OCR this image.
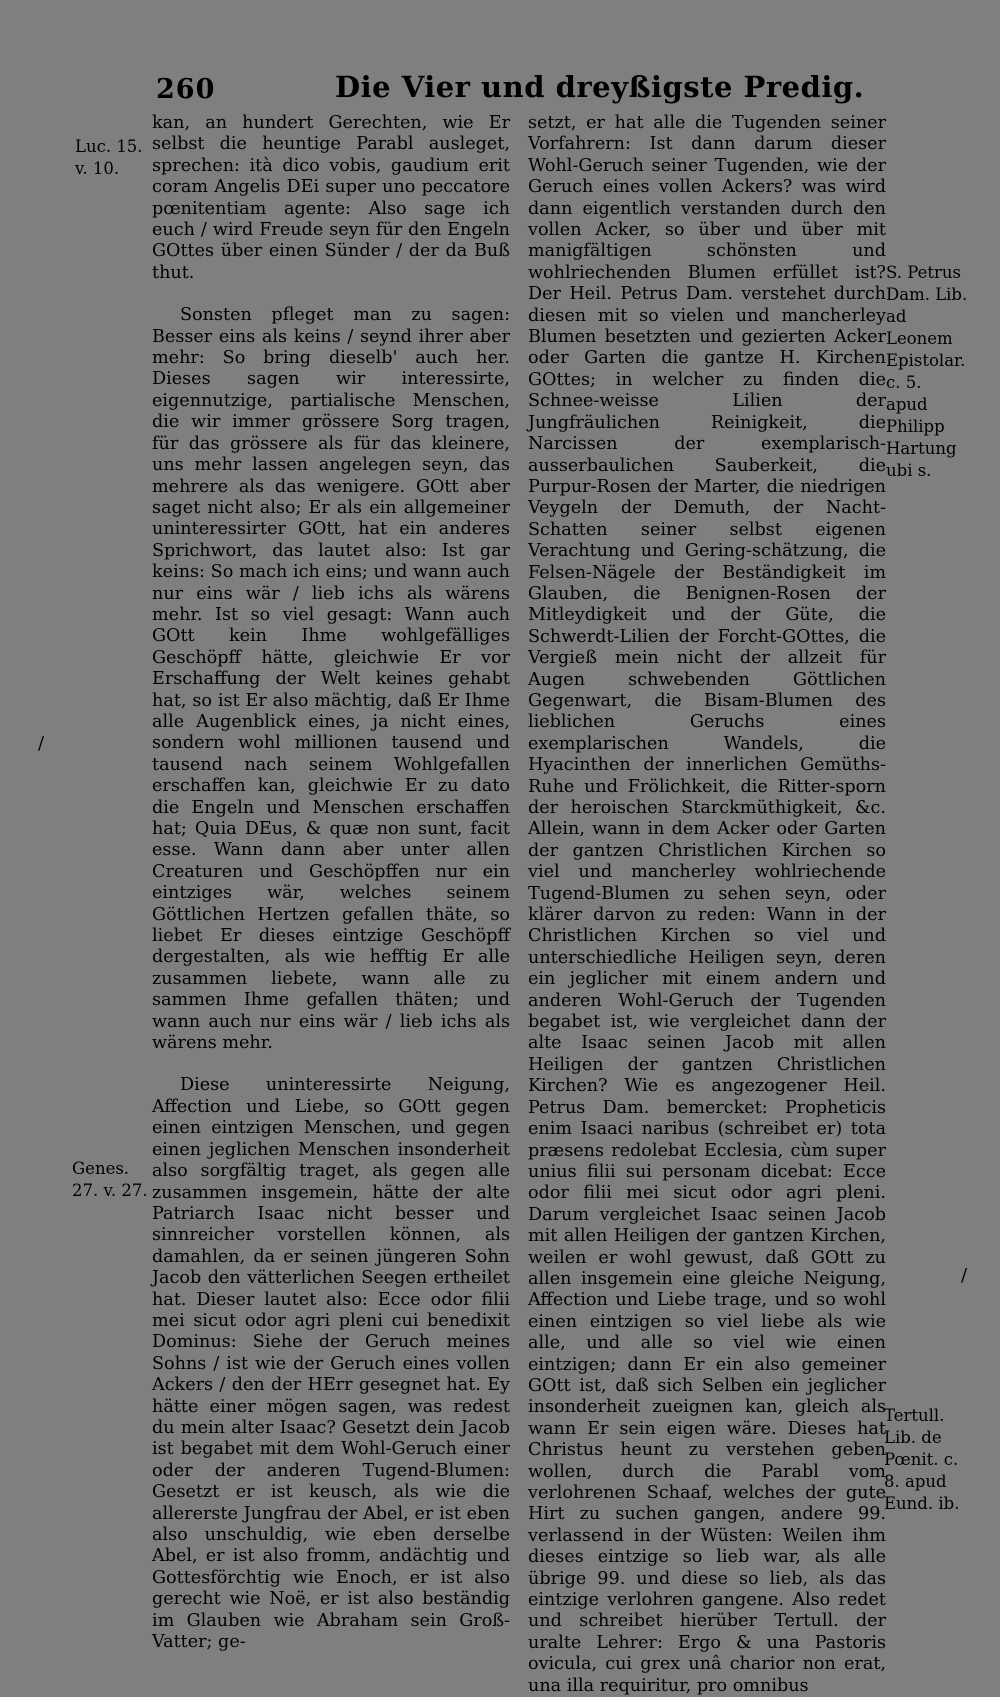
260	Die Vier und dreyßigste Predig.
Luc. 15. v. 10.
Genes. 27. v. 27.
S. Petrus Dam. Lib. ad Leonem Epistolar. c. 5. apud Philipp Hartung ubi s.
Tertull. Lib. de Pœnit. c. 8. apud Eund. ib.

kan, an hundert Gerechten, wie Er selbst die heuntige Parabl ausleget, sprechen: ità dico vobis, gaudium erit coram Angelis DEi super uno peccatore pœnitentiam agente: Also sage ich euch / wird Freude seyn für den Engeln GOttes über einen Sünder / der da Buß thut.

Sonsten pfleget man zu sagen: Besser eins als keins / seynd ihrer aber mehr: So bring dieselb' auch her. Dieses sagen wir interessirte, eigennutzige, partialische Menschen, die wir immer grössere Sorg tragen, für das grössere als für das kleinere, uns mehr lassen angelegen seyn, das mehrere als das wenigere. GOtt aber saget nicht also; Er als ein allgemeiner uninteressirter GOtt, hat ein anderes Sprichwort, das lautet also: Ist gar keins: So mach ich eins; und wann auch nur eins wär / lieb ichs als wärens mehr. Ist so viel gesagt: Wann auch GOtt kein Ihme wohlgefälliges Geschöpff hätte, gleichwie Er vor Erschaffung der Welt keines gehabt hat, so ist Er also mächtig, daß Er Ihme alle Augenblick eines, ja nicht eines, sondern wohl millionen tausend und tausend nach seinem Wohlgefallen erschaffen kan, gleichwie Er zu dato die Engeln und Menschen erschaffen hat; Quia DEus, & quæ non sunt, facit esse. Wann dann aber unter allen Creaturen und Geschöpffen nur ein eintziges wär, welches seinem Göttlichen Hertzen gefallen thäte, so liebet Er dieses eintzige Geschöpff dergestalten, als wie hefftig Er alle zusammen liebete, wann alle zu sammen Ihme gefallen thäten; und wann auch nur eins wär / lieb ichs als wärens mehr.

Diese uninteressirte Neigung, Affection und Liebe, so GOtt gegen einen eintzigen Menschen, und gegen einen jeglichen Menschen insonderheit also sorgfältig traget, als gegen alle zusammen insgemein, hätte der alte Patriarch Isaac nicht besser und sinnreicher vorstellen können, als damahlen, da er seinen jüngeren Sohn Jacob den vätterlichen Seegen ertheilet hat. Dieser lautet also: Ecce odor filii mei sicut odor agri pleni cui benedixit Dominus: Siehe der Geruch meines Sohns / ist wie der Geruch eines vollen Ackers / den der HErr gesegnet hat. Ey hätte einer mögen sagen, was redest du mein alter Isaac? Gesetzt dein Jacob ist begabet mit dem Wohl-Geruch einer oder der anderen Tugend-Blumen: Gesetzt er ist keusch, als wie die allererste Jungfrau der Abel, er ist eben also unschuldig, wie eben derselbe Abel, er ist also fromm, andächtig und Gottesförchtig wie Enoch, er ist also gerecht wie Noë, er ist also beständig im Glauben wie Abraham sein Groß-Vatter; ge-

setzt, er hat alle die Tugenden seiner Vorfahrern: Ist dann darum dieser Wohl-Geruch seiner Tugenden, wie der Geruch eines vollen Ackers? was wird dann eigentlich verstanden durch den vollen Acker, so über und über mit manigfältigen schönsten und wohlriechenden Blumen erfüllet ist? Der Heil. Petrus Dam. verstehet durch diesen mit so vielen und mancherley Blumen besetzten und gezierten Acker oder Garten die gantze H. Kirchen GOttes; in welcher zu finden die Schnee-weisse Lilien der Jungfräulichen Reinigkeit, die Narcissen der exemplarisch-ausserbaulichen Sauberkeit, die Purpur-Rosen der Marter, die niedrigen Veygeln der Demuth, der Nacht-Schatten seiner selbst eigenen Verachtung und Gering-schätzung, die Felsen-Nägele der Beständigkeit im Glauben, die Benignen-Rosen der Mitleydigkeit und der Güte, die Schwerdt-Lilien der Forcht-GOttes, die Vergieß mein nicht der allzeit für Augen schwebenden Göttlichen Gegenwart, die Bisam-Blumen des lieblichen Geruchs eines exemplarischen Wandels, die Hyacinthen der innerlichen Gemüths-Ruhe und Frölichkeit, die Ritter-sporn der heroischen Starckmüthigkeit, &c. Allein, wann in dem Acker oder Garten der gantzen Christlichen Kirchen so viel und mancherley wohlriechende Tugend-Blumen zu sehen seyn, oder klärer darvon zu reden: Wann in der Christlichen Kirchen so viel und unterschiedliche Heiligen seyn, deren ein jeglicher mit einem andern und anderen Wohl-Geruch der Tugenden begabet ist, wie vergleichet dann der alte Isaac seinen Jacob mit allen Heiligen der gantzen Christlichen Kirchen? Wie es angezogener Heil. Petrus Dam. bemercket: Propheticis enim Isaaci naribus (schreibet er) tota præsens redolebat Ecclesia, cùm super unius filii sui personam dicebat: Ecce odor filii mei sicut odor agri pleni. Darum vergleichet Isaac seinen Jacob mit allen Heiligen der gantzen Kirchen, weilen er wohl gewust, daß GOtt zu allen insgemein eine gleiche Neigung, Affection und Liebe trage, und so wohl einen eintzigen so viel liebe als wie alle, und alle so viel wie einen eintzigen; dann Er ein also gemeiner GOtt ist, daß sich Selben ein jeglicher insonderheit zueignen kan, gleich als wann Er sein eigen wäre. Dieses hat Christus heunt zu verstehen geben wollen, durch die Parabl vom verlohrenen Schaaf, welches der gute Hirt zu suchen gangen, andere 99. verlassend in der Wüsten: Weilen ihm dieses eintzige so lieb war, als alle übrige 99. und diese so lieb, als das eintzige verlohren gangene. Also redet und schreibet hierüber Tertull. der uralte Lehrer: Ergo & una Pastoris ovicula, cui grex unâ charior non erat, una illa requiritur, pro omnibus

/
/
